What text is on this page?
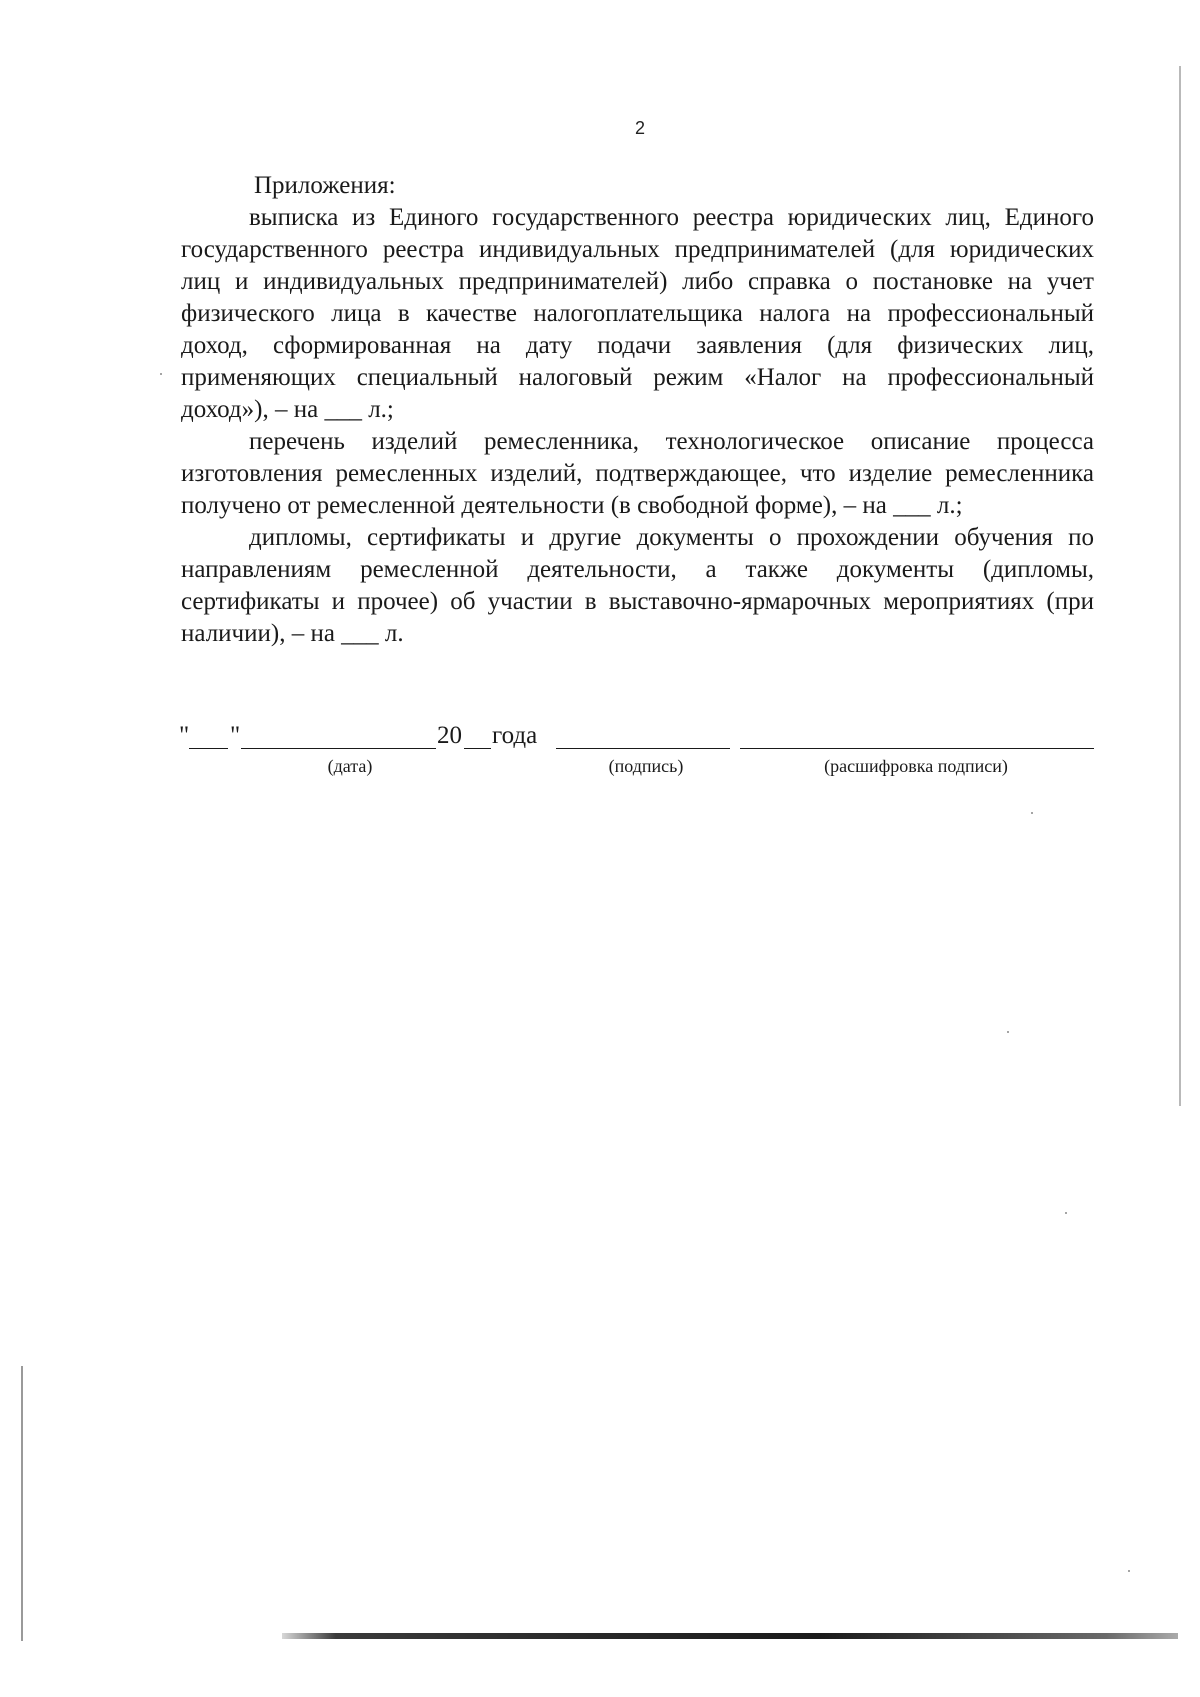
2
Приложения:

выписка из Единого государственного реестра юридических лиц, Единого государственного реестра индивидуальных предпринимателей (для юридических лиц и индивидуальных предпринимателей) либо справка о постановке на учет физического лица в качестве налогоплательщика налога на профессиональный доход, сформированная на дату подачи заявления (для физических лиц, применяющих специальный налоговый режим «Налог на профессиональный доход»), – на ___ л.;

перечень изделий ремесленника, технологическое описание процесса изготовления ремесленных изделий, подтверждающее, что изделие ремесленника получено от ремесленной деятельности (в свободной форме), – на ___ л.;

дипломы, сертификаты и другие документы о прохождении обучения по направлениям ремесленной деятельности, а также документы (дипломы, сертификаты и прочее) об участии в выставочно-ярмарочных мероприятиях (при наличии), – на ___ л.

" "	20 года
(дата)	(подпись)	(расшифровка подписи)
